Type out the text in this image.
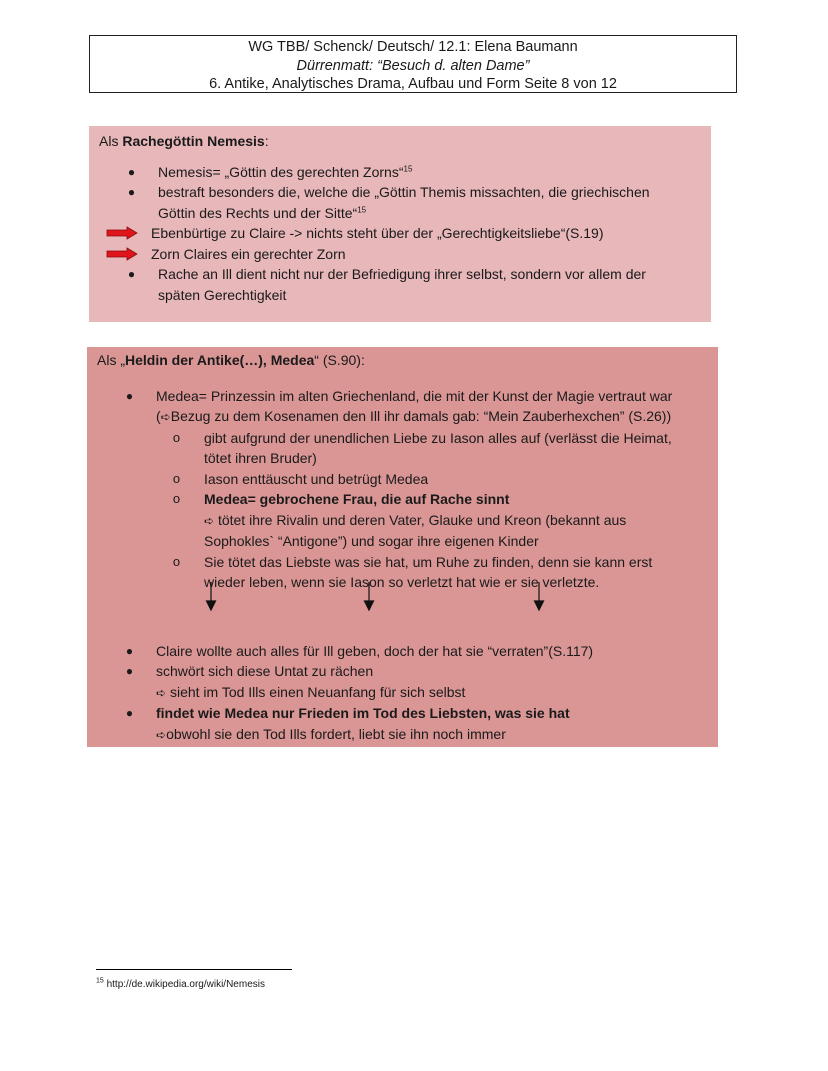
WG TBB/ Schenck/ Deutsch/ 12.1: Elena Baumann
Dürrenmatt: “Besuch d. alten Dame”
6. Antike, Analytisches Drama, Aufbau und Form Seite 8 von 12
Als Rachegöttin Nemesis:
● Nemesis= „Göttin des gerechten Zorns“$^{15}$
● bestraft besonders die, welche die „Göttin Themis missachten, die griechischen
Göttin des Rechts und der Sitte“$^{15}$
Ebenbürtige zu Claire -> nichts steht über der „Gerechtigkeitsliebe“(S.19)
Zorn Claires ein gerechter Zorn
● Rache an Ill dient nicht nur der Befriedigung ihrer selbst, sondern vor allem der
späten Gerechtigkeit
Als „Heldin der Antike(…), Medea“ (S.90):
● Medea= Prinzessin im alten Griechenland, die mit der Kunst der Magie vertraut war
(➪Bezug zu dem Kosenamen den Ill ihr damals gab: “Mein Zauberhexchen” (S.26))
o gibt aufgrund der unendlichen Liebe zu Iason alles auf (verlässt die Heimat,
tötet ihren Bruder)
o Iason enttäuscht und betrügt Medea
o Medea= gebrochene Frau, die auf Rache sinnt
➪ tötet ihre Rivalin und deren Vater, Glauke und Kreon (bekannt aus
Sophokles` “Antigone”) und sogar ihre eigenen Kinder
o Sie tötet das Liebste was sie hat, um Ruhe zu finden, denn sie kann erst
wieder leben, wenn sie Iason so verletzt hat wie er sie verletzte.
● Claire wollte auch alles für Ill geben, doch der hat sie “verraten”(S.117)
● schwört sich diese Untat zu rächen
➪ sieht im Tod Ills einen Neuanfang für sich selbst
● findet wie Medea nur Frieden im Tod des Liebsten, was sie hat
➪obwohl sie den Tod Ills fordert, liebt sie ihn noch immer
$^{15}$ http://de.wikipedia.org/wiki/Nemesis
